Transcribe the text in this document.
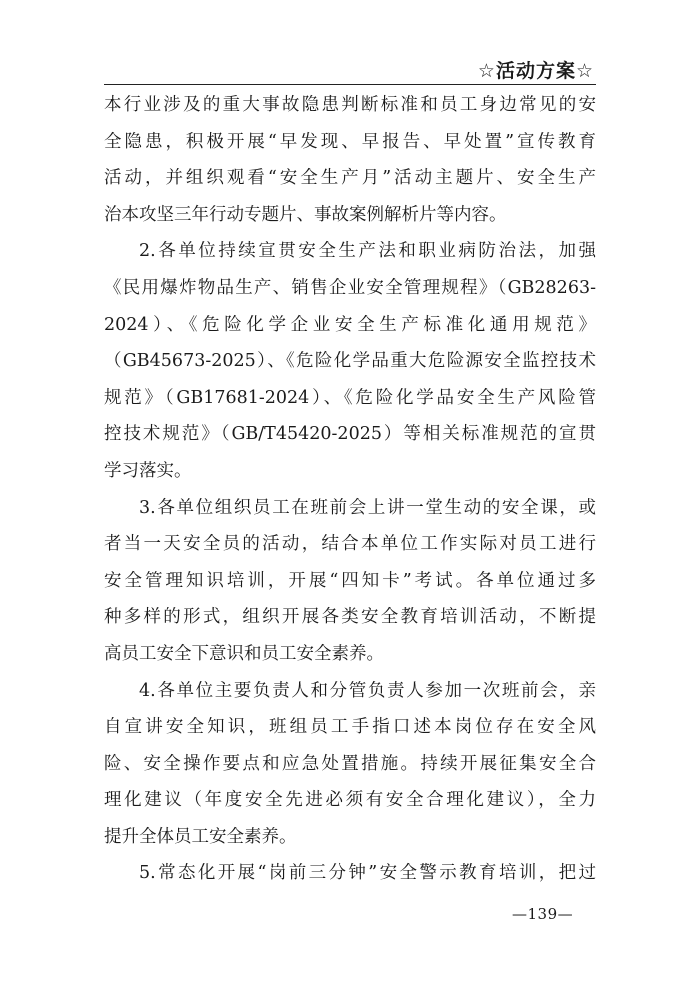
☆活动方案☆
本行业涉及的重大事故隐患判断标准和员工身边常见的安
全隐患，积极开展“早发现、早报告、早处置”宣传教育
活动，并组织观看“安全生产月”活动主题片、安全生产
治本攻坚三年行动专题片、事故案例解析片等内容。
2.各单位持续宣贯安全生产法和职业病防治法，加强
《民用爆炸物品生产、销售企业安全管理规程》（GB28263-
2024）、《危险化学企业安全生产标准化通用规范》
（GB45673-2025）、《危险化学品重大危险源安全监控技术
规范》（GB17681-2024）、《危险化学品安全生产风险管
控技术规范》（GB/T45420-2025）等相关标准规范的宣贯
学习落实。
3.各单位组织员工在班前会上讲一堂生动的安全课，或
者当一天安全员的活动，结合本单位工作实际对员工进行
安全管理知识培训，开展“四知卡”考试。各单位通过多
种多样的形式，组织开展各类安全教育培训活动，不断提
高员工安全下意识和员工安全素养。
4.各单位主要负责人和分管负责人参加一次班前会，亲
自宣讲安全知识，班组员工手指口述本岗位存在安全风
险、安全操作要点和应急处置措施。持续开展征集安全合
理化建议（年度安全先进必须有安全合理化建议），全力
提升全体员工安全素养。
5.常态化开展“岗前三分钟”安全警示教育培训，把过
—139—
